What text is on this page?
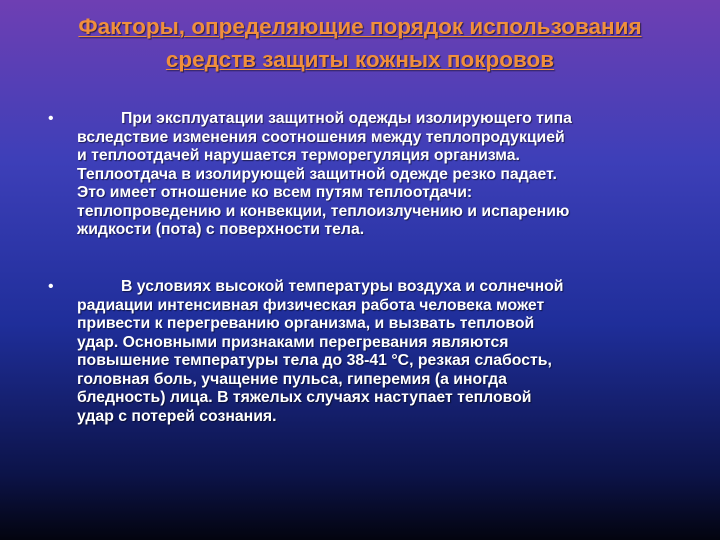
Факторы, определяющие порядок использования
средств защиты кожных покровов
•	При эксплуатации защитной одежды изолирующего типа
вследствие изменения соотношения между теплопродукцией
и теплоотдачей нарушается терморегуляция организма.
Теплоотдача в изолирующей защитной одежде резко падает.
Это имеет отношение ко всем путям теплоотдачи:
теплопроведению и конвекции, теплоизлучению и испарению
жидкости (пота) с поверхности тела.
•	В условиях высокой температуры воздуха и солнечной
радиации интенсивная физическая работа человека может
привести к перегреванию организма, и вызвать тепловой
удар. Основными признаками перегревания являются
повышение температуры тела до 38-41 °C, резкая слабость,
головная боль, учащение пульса, гиперемия (а иногда
бледность) лица. В тяжелых случаях наступает тепловой
удар с потерей сознания.
